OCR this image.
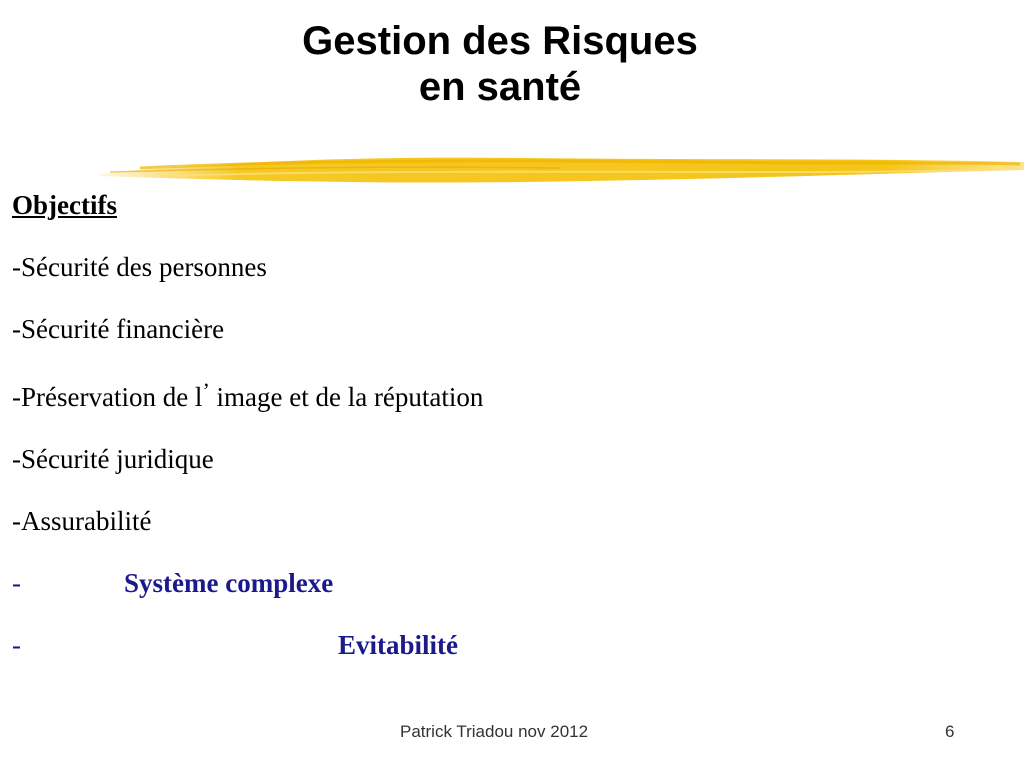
Gestion des Risques
en santé
Objectifs
-Sécurité des personnes
-Sécurité financière
-Préservation de l’ image et de la réputation
-Sécurité juridique
-Assurabilité
-	Système complexe
-	Evitabilité
Patrick Triadou nov 2012	6
